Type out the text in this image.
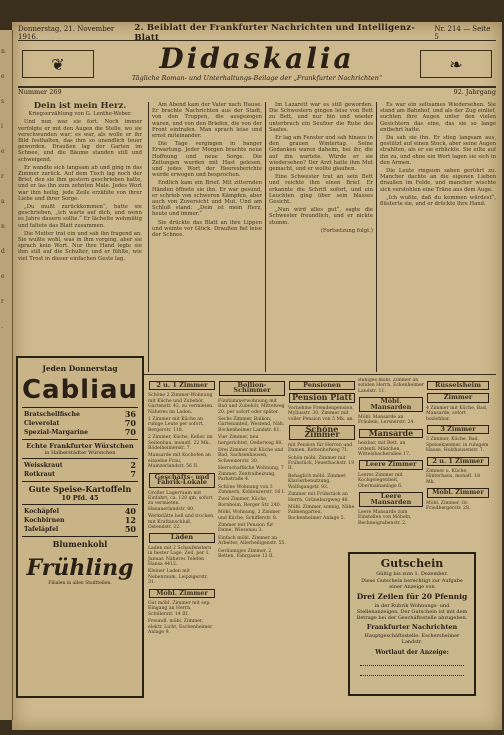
Donnerstag, 21. November 1916.
2. Beiblatt der Frankfurter Nachrichten und Intelligenz-Blatt
Nr. 214 — Seite 5
❦	Didaskalia
Tägliche Roman- und Unterhaltungs-Beilage der „Frankfurter Nachrichten“
❧
Nummer 269	92. Jahrgang
Dein ist mein Herz.
Kriegserzählung von G. Lenthe-Weber.

Und nun war sie fort. Noch immer verfolgte er mit den Augen die Stelle, wo sie verschwunden war; es war, als wolle er ihr Bild festhalten, das ihm so unendlich teuer geworden. Draußen lag der Garten im Schnee, und die Bäume standen still und schweigend.

Er wandte sich langsam ab und ging in das Zimmer zurück. Auf dem Tisch lag noch der Brief, den sie ihm gestern geschrieben hatte, und er las ihn zum zehnten Male. Jedes Wort war ihm heilig, jede Zeile erzählte von ihrer Liebe und ihrer Sorge.

„Du mußt zurückkommen“, hatte sie geschrieben, „ich warte auf dich, und wenn es Jahre dauern sollte.“ Er lächelte wehmütig und faltete das Blatt zusammen.

Die Mutter trat ein und sah ihn fragend an. Sie wußte wohl, was in ihm vorging, aber sie sprach kein Wort. Nur ihre Hand legte sie ihm still auf die Schulter, und er fühlte, wie viel Trost in dieser einfachen Geste lag.

Am Abend kam der Vater nach Hause. Er brachte Nachrichten aus der Stadt, von den Truppen, die ausgezogen waren, und von den Briefen, die von der Front eintrafen. Man sprach leise und ernst miteinander.

Die Tage vergingen in banger Erwartung. Jeder Morgen brachte neue Hoffnung und neue Sorge. Die Zeitungen wurden mit Hast gelesen, und jedes Wort der Heeresberichte wurde erwogen und besprochen.

Endlich kam ein Brief. Mit zitternden Händen öffnete sie ihn. Er war gesund, er schrieb von schweren Kämpfen, aber auch von Zuversicht und Mut. Und am Schluß stand: „Dein ist mein Herz, heute und immer.“

Sie drückte das Blatt an ihre Lippen und weinte vor Glück. Draußen fiel leise der Schnee.

Im Lazarett war es still geworden. Die Schwestern gingen leise von Bett zu Bett, und nur hin und wieder unterbrach ein Seufzer die Ruhe des Saales.

Er lag am Fenster und sah hinaus in den grauen Wintertag. Seine Gedanken waren daheim, bei ihr, die auf ihn wartete. Würde er sie wiedersehen? Der Arzt hatte ihm Mut gemacht, und er wollte glauben.

Eine Schwester trat an sein Bett und reichte ihm einen Brief. Er erkannte die Schrift sofort, und ein Leuchten ging über sein blasses Gesicht.

„Nun wird alles gut“, sagte die Schwester freundlich, und er nickte stumm.

(Fortsetzung folgt.)

Es war ein seltsames Wiedersehen. Sie stand am Bahnhof, und als der Zug einlief, suchten ihre Augen unter den vielen Gesichtern das eine, das sie so lange entbehrt hatte.

Da sah sie ihn. Er stieg langsam aus, gestützt auf einen Stock, aber seine Augen strahlten, als er sie erblickte. Sie eilte auf ihn zu, und ohne ein Wort lagen sie sich in den Armen.

Die Leute ringsum sahen gerührt zu. Mancher dachte an die eigenen Lieben draußen im Felde, und mancher wischte sich verstohlen eine Träne aus dem Auge.

„Ich wußte, daß du kommen würdest“, flüsterte sie, und er drückte ihre Hand.

Jeden Donnerstag
Cabliau
Bratschellfische	36
Cleverolat	70
Spezial-Margarine	70
Echte Frankfurter Würstchen
in Halberstädter Würstchen
Weisskraut	2
Rotkraut	7
Gute Speise-Kartoffeln
10 Pfd. 45
Kochäpfel	40
Kochbirnen	12
Tafeläpfel	50
Blumenkohl
Frühling
Filialen in allen Stadtteilen.
2 u. 1 Zimmer

Schöne 2 Zimmer-Wohnung mit Küche und Zubehör, Gartenstr. 42, zu vermieten. Näheres im Laden.

1 Zimmer mit Küche an ruhige Leute per sofort, Bergerstr. 118.

2 Zimmer, Küche, Keller, im Seitenbau, monatl. 22 Mk., Rödelheimerstr. 7.

Mansarde mit Kochofen an einzelne Frau, Mainzerlandstr. 56 II.

Geschäfts- und Fabrik-Lokale

Großer Lagerraum mit Einfahrt, ca. 120 qm, sofort zu vermieten. Hanauerlandstr. 80.

Werkstätte hell und trocken, mit Kraftanschluß, Ostendstr. 22.

Läden

Laden mit 2 Schaufenstern in bester Lage, Zeil, per 1. Januar. Näheres Telefon Hansa 4412.

Kleiner Laden mit Nebenraum, Leipzigerstr. 31.

Möbl. Zimmer

Gut möbl. Zimmer mit sep. Eingang an Herrn, Schillerstr. 14 III.

Freundl. möbl. Zimmer, elektr. Licht, Eschenheimer Anlage 9.

Bollion-Schimmer

Fünfzimmerwohnung mit Bad und Zubehör, Mittelweg 20, per sofort oder später.

Sechs Zimmer, Balkon, Gartenanteil, Westend, Näh. Bockenheimer Landstr. 61.

Vier Zimmer, neu hergerichtet, Oederweg 88.

Drei Zimmer mit Küche und Bad, Sachsenhausen, Schweizerstr. 30.

Herrschaftliche Wohnung, 7 Zimmer, Zentralheizung, Parkstraße 4.

Schöne Wohnung von 3 Zimmern, Koblenzerstr. 16 I.

Zwei Zimmer, Küche, Bornheim, Berger Str. 240.

Möbl. Wohnung, 2 Zimmer und Küche, Schifferstr. 8.

Zimmer mit Pension für Dame, Wiesenau 3.

Einfach möbl. Zimmer an Arbeiter, Allerheiligenstr. 55.

Geräumiges Zimmer, 2 Betten, Fahrgasse 12 II.

Pensionen
Pension Platt

Vornehme Fremdenpension, Myliusstr. 30, Zimmer mit voller Pension von 5 Mk. an.

Schöne Zimmer

mit Pension für Herren und Damen, Kettenhofweg 71.

Schön möbl. Zimmer mit Frühstück, Feuerbachstr. 19 II.

Behaglich möbl. Zimmer, Klavierbenutzung, Wolfsgangstr. 93.

Zimmer mit Frühstück an Herrn, Grüneburgweg 48.

Möbl. Zimmer, sonnig, Nähe Palmengarten, Bockenheimer Anlage 5.

Ruhiges möbl. Zimmer an soliden Herrn, Eckenheimer Landstr. 11.

Möbl. Mansarden

Möbl. Mansarde an Fräulein, Lersnerstr. 24.

Mansarde

heizbar, mit Bett, an ordentl. Mädchen, Wittelsbacherallee 17.

Leere Zimmer

Leeres Zimmer mit Kochgelegenheit, Obermainanlage 6.

Leere Mansarden

Leere Mansarde zum Einstellen von Möbeln, Rechneigrabenstr. 2.

Rüsselsheim
Zimmer

4 Zimmer mit Küche, Bad, Mansarde, sofort beziehbar.

3 Zimmer

3 Zimmer, Küche, Bad, Speisekammer, in ruhigem Hause, Holzhausenstr. 7.

2 u. 1 Zimmer

Zimmer u. Küche, Hinterhaus, monatl. 18 Mk.

Möbl. Zimmer

Möbl. Zimmer, Gr. Friedbergerstr. 28.

Gutschein
Gültig bis zum 1. Dezember.
Diese Gutschein berechtigt zur Aufgabe einer Anzeige von
Drei Zeilen für 20 Pfennig
in der Rubrik Wohnungs- und Stellenanzeigen. Der Gutschein ist mit dem Betrage bei der Geschäftsstelle abzugeben.
Frankfurter Nachrichten
Hauptgeschäftsstelle: Eschersheimer Landstr.
Wortlaut der Anzeige:
n
e
s
i
e
r
a
n
d
e
r
.
